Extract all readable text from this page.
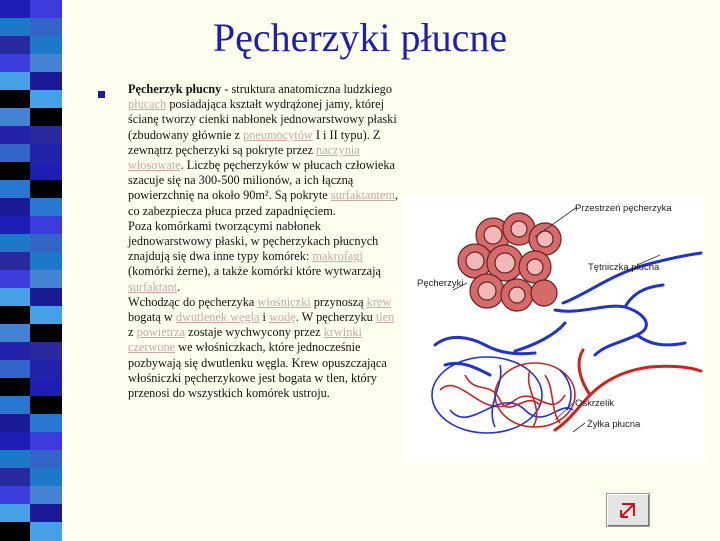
Pęcherzyki płucne

Pęcherzyk płucny - struktura anatomiczna ludzkiego płucach posiadająca kształt wydrążonej jamy, której ścianę tworzy cienki nabłonek jednowarstwowy płaski (zbudowany głównie z pneumocytów I i II typu). Z zewnątrz pęcherzyki są pokryte przez naczynia włosowate. Liczbę pęcherzyków w płucach człowieka szacuje się na 300-500 milionów, a ich łączną powierzchnię na około 90m². Są pokryte surfaktantem, co zabezpiecza płuca przed zapadnięciem.

Poza komórkami tworzącymi nabłonek jednowarstwowy płaski, w pęcherzykach płucnych znajdują się dwa inne typy komórek: makrofagi (komórki żerne), a także komórki które wytwarzają surfaktant.

Wchodząc do pęcherzyka włośniczki przynoszą krew bogatą w dwutlenek węgla i wodę. W pęcherzyku tlen z powietrza zostaje wychwycony przez krwinki czerwone we włośniczkach, które jednocześnie pozbywają się dwutlenku węgla. Krew opuszczająca włośniczki pęcherzykowe jest bogata w tlen, który przenosi do wszystkich komórek ustroju.

Przestrzeń pęcherzyka
Tętniczka płucna
Pęcherzyki
Oskrzelik
Żyłka płucna
